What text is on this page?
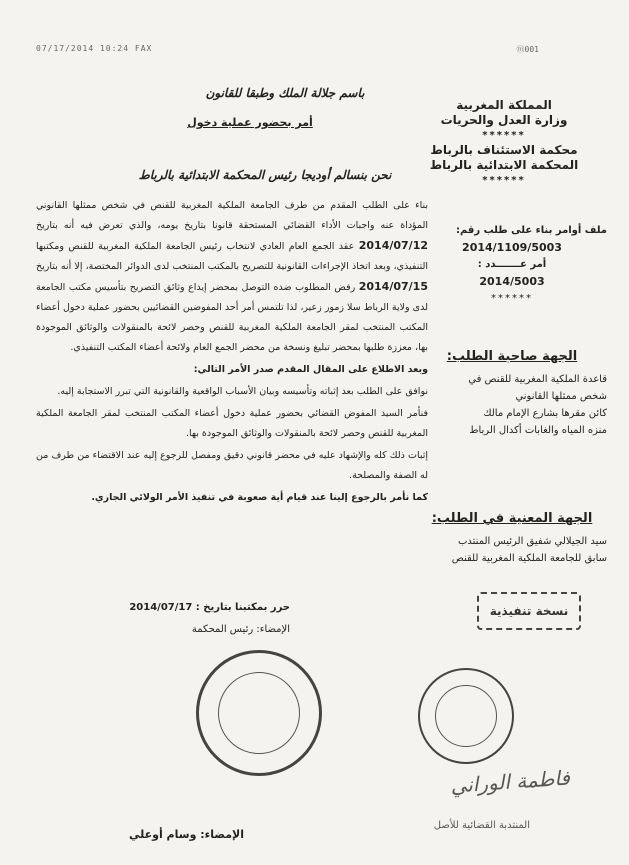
07/17/2014 10:24 FAX	ⓜ001
باسم جلالة الملك وطبقا للقانون
أمر بحضور عملية دخول
نحن بنسالم أوديجا رئيس المحكمة الابتدائية بالرباط
المملكة المغربية
وزارة العدل والحريات
******
محكمة الاستئناف بالرباط
المحكمة الابتدائية بالرباط
******
ملف أوامر بناء على طلب رقم:
2014/1109/5003
أمر عـــــــدد :
2014/5003
******
الجهة صاحبة الطلب:
قاعدة الملكية المغربية للقنص في
شخص ممثلها القانوني
كائن مقرها بشارع الإمام مالك
منزه المياه والغابات أكدال الرباط
الجهة المعنية في الطلب:
سيد الجيلالي شفيق الرئيس المنتدب
سابق للجامعة الملكية المغربية للقنص
نسخة تنفيذية

بناء على الطلب المقدم من طرف الجامعة الملكية المغربية للقنص في شخص ممثلها القانوني المؤداة عنه واجبات الأداء القضائي المستحقة قانونا بتاريخ يومه، والذي تعرض فيه أنه بتاريخ 2014/07/12 عقد الجمع العام العادي لانتخاب رئيس الجامعة الملكية المغربية للقنص ومكتبها التنفيذي، وبعد اتخاذ الإجراءات القانونية للتصريح بالمكتب المنتخب لدى الدوائر المختصة، إلا أنه بتاريخ 2014/07/15 رفض المطلوب ضده التوصل بمحضر إيداع وثائق التصريح بتأسيس مكتب الجامعة لدى ولاية الرباط سلا زمور زعير، لذا تلتمس أمر أحد المفوضين القضائيين بحضور عملية دخول أعضاء المكتب المنتخب لمقر الجامعة الملكية المغربية للقنص وحصر لائحة بالمنقولات والوثائق الموجودة بها، معززة طلبها بمحضر تبليغ ونسخة من محضر الجمع العام ولائحة أعضاء المكتب التنفيذي.

وبعد الاطلاع على المقال المقدم صدر الأمر التالي:

نوافق على الطلب بعد إثباته وتأسيسه وبيان الأسباب الواقعية والقانونية التي تبرر الاستجابة إليه.

فنأمر السيد المفوض القضائي بحضور عملية دخول أعضاء المكتب المنتخب لمقر الجامعة الملكية المغربية للقنص وحصر لائحة بالمنقولات والوثائق الموجودة بها.

إثبات ذلك كله والإشهاد عليه في محضر قانوني دقيق ومفصل للرجوع إليه عند الاقتضاء من طرف من له الصفة والمصلحة.

كما نأمر بالرجوع إلينا عند قيام أية صعوبة في تنفيذ الأمر الولائي الجاري.

حرر بمكتبنا بتاريخ : 2014/07/17
الإمضاء: رئيس المحكمة
الإمضاء: وسام أوعلي
فاطمة الوراني
المنتدبة القضائية للأصل
